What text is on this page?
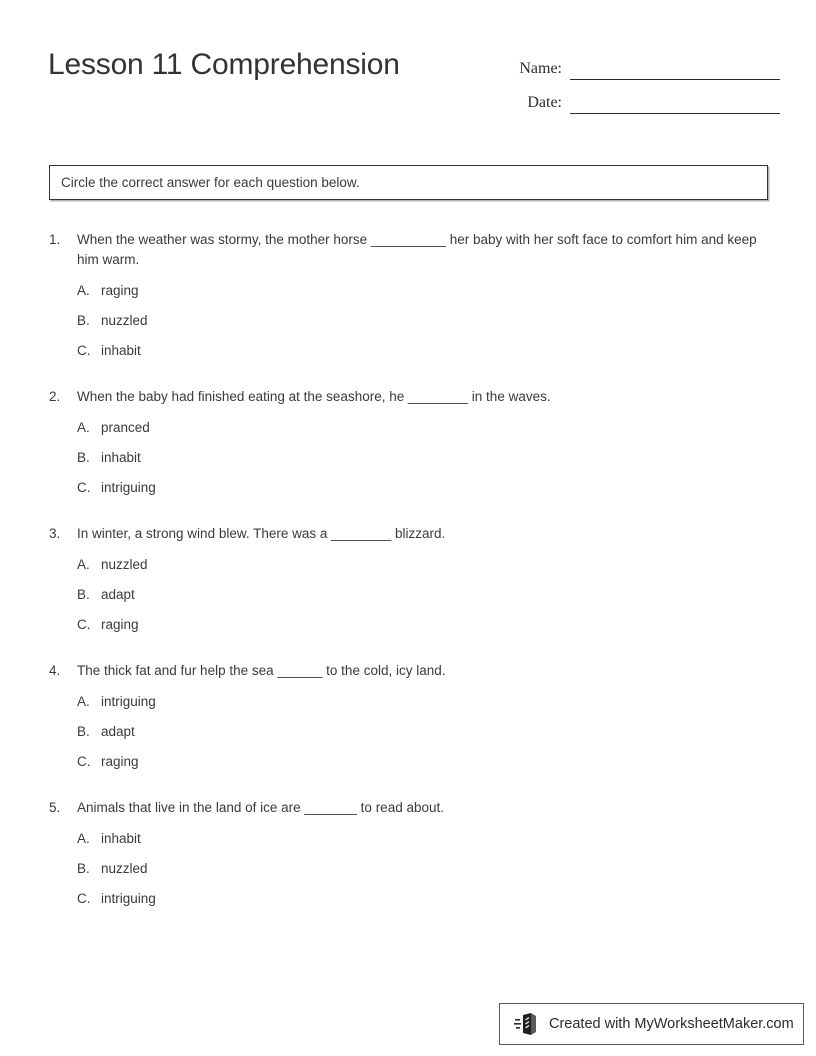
Lesson 11 Comprehension	Name:
Date:
Circle the correct answer for each question below.
1.	When the weather was stormy, the mother horse __________ her baby with her soft face to comfort him and keep him warm.
A. raging
B. nuzzled
C. inhabit
2.	When the baby had finished eating at the seashore, he ________ in the waves.
A. pranced
B. inhabit
C. intriguing
3.	In winter, a strong wind blew. There was a ________ blizzard.
A. nuzzled
B. adapt
C. raging
4.	The thick fat and fur help the sea ______ to the cold, icy land.
A. intriguing
B. adapt
C. raging
5.	Animals that live in the land of ice are _______ to read about.
A. inhabit
B. nuzzled
C. intriguing
Created with MyWorksheetMaker.com
